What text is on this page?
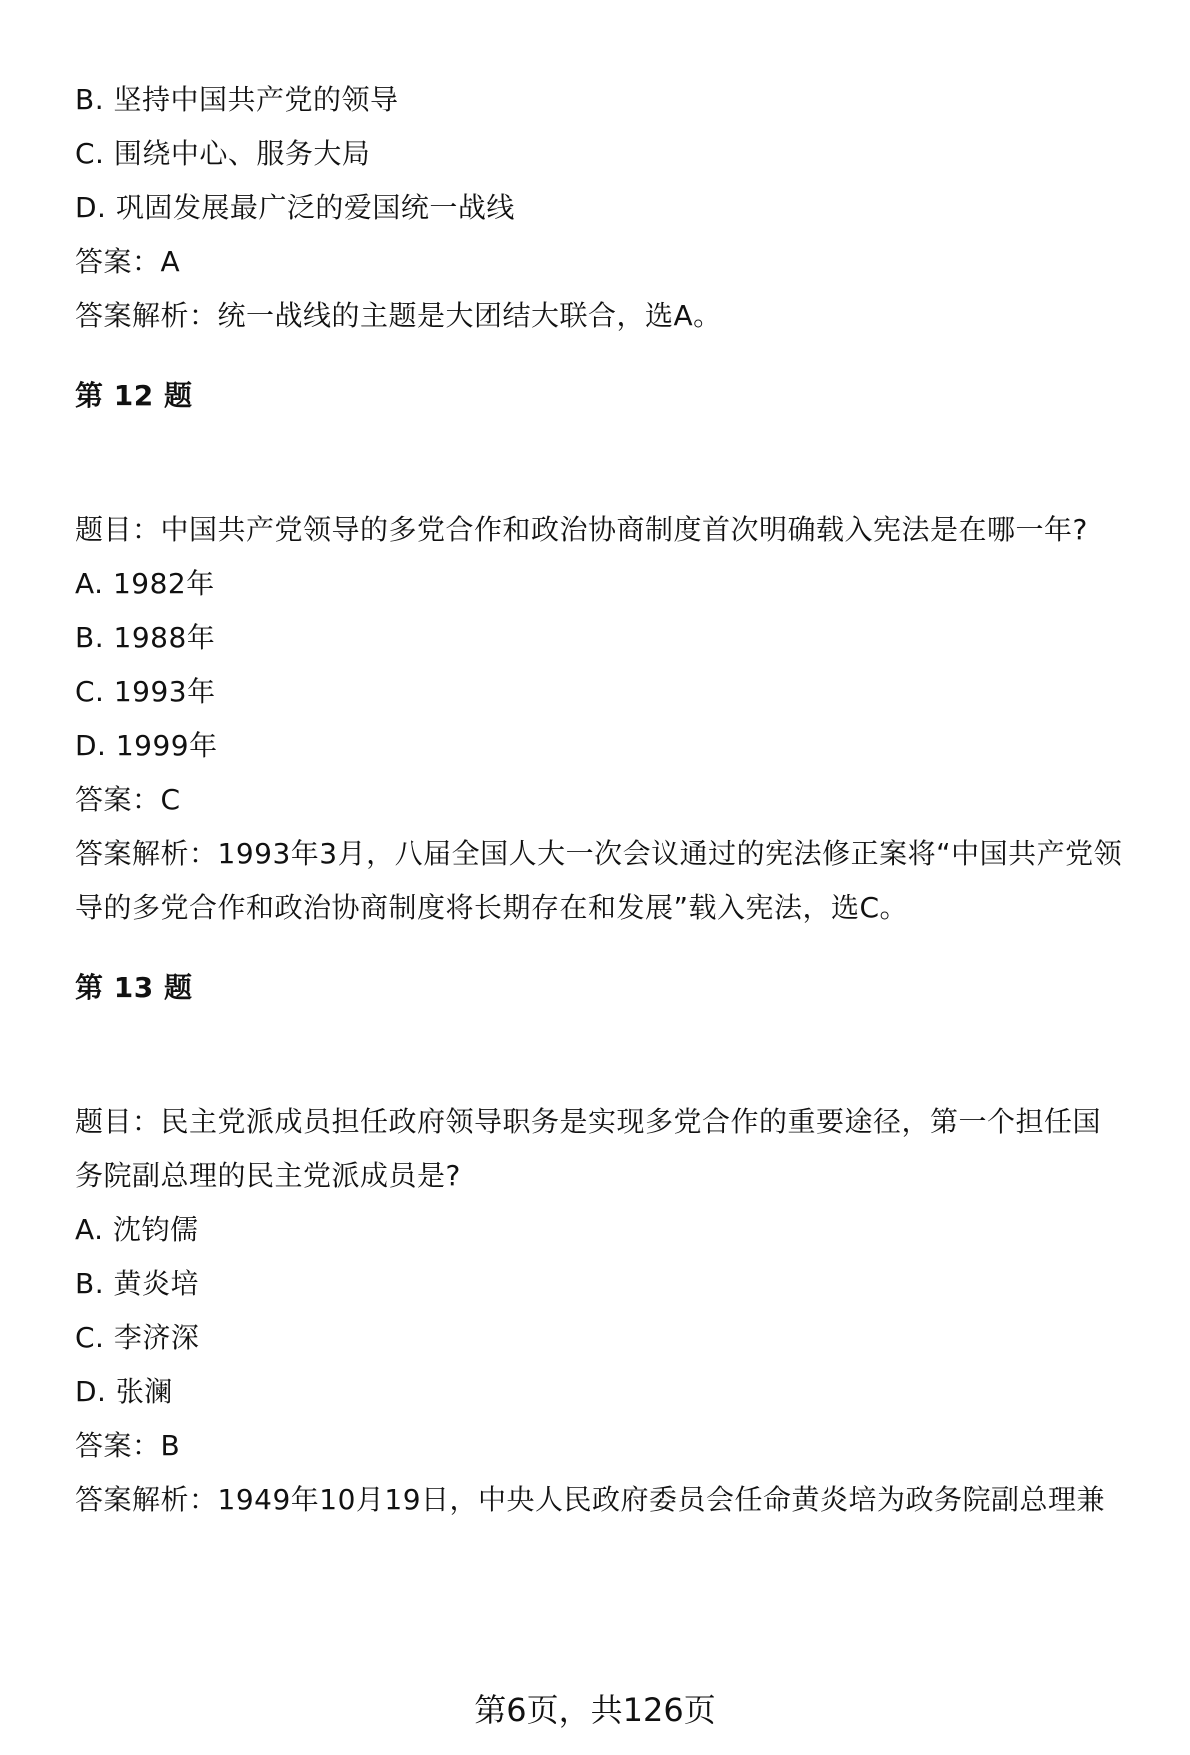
B. 坚持中国共产党的领导
C. 围绕中心、服务大局
D. 巩固发展最广泛的爱国统一战线
答案：A
答案解析：统一战线的主题是大团结大联合，选A。
第 12 题
题目：中国共产党领导的多党合作和政治协商制度首次明确载入宪法是在哪一年?
A. 1982年
B. 1988年
C. 1993年
D. 1999年
答案：C
答案解析：1993年3月，八届全国人大一次会议通过的宪法修正案将“中国共产党领
导的多党合作和政治协商制度将长期存在和发展”载入宪法，选C。
第 13 题
题目：民主党派成员担任政府领导职务是实现多党合作的重要途径，第一个担任国
务院副总理的民主党派成员是?
A. 沈钧儒
B. 黄炎培
C. 李济深
D. 张澜
答案：B
答案解析：1949年10月19日，中央人民政府委员会任命黄炎培为政务院副总理兼
第6页，共126页
